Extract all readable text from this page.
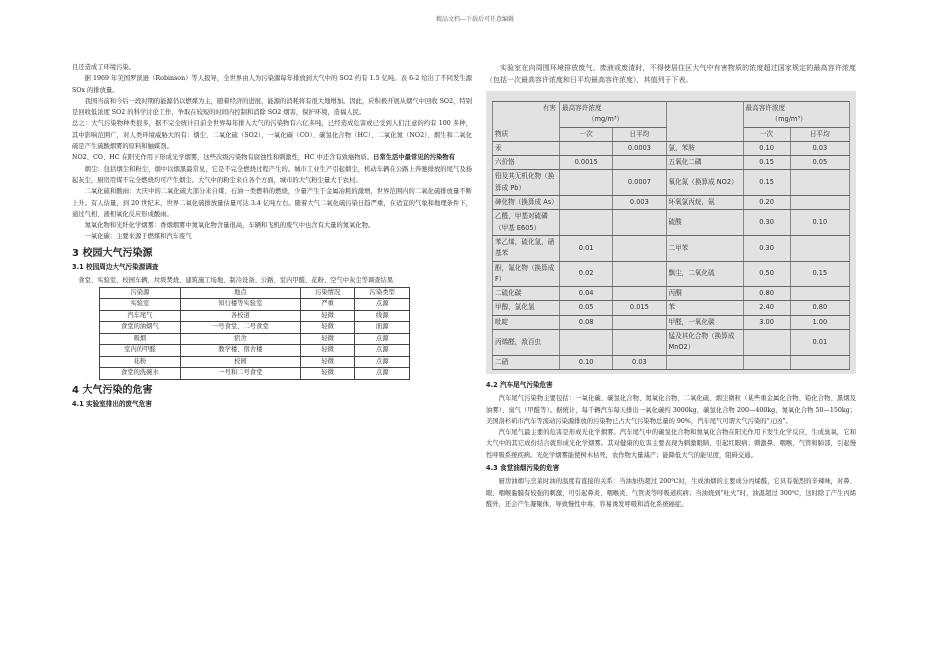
精品文档---下载后可任意编辑

且还造成了环境污染。

据 1969 年美国罗滨逊（Robinson）等人报导，全世界由人为污染源每年排放到大气中的 SO2 约有 1.5 亿吨。表 6-2 给出了不同发生源 SOx 的排放量。

我国当前和今后一段时期的能源仍以燃煤为主，随着经济的进展，能源的消耗将有很大地增加。因此，应积极开展从烟气中回收 SO2，特别是回收低浓度 SO2 的科学讨论工作，争取在较短的时间内控制和消除 SO2 烟害，保护环境，造福人民。

总之：大气污染物种类很多，据不完全统计目前全世界每年排入大气的污染物有六亿多吨，已经造成危害或已受到人们注意的约有 100 多种，其中影响范围广，对人类环境威胁大的有：烟尘、二氧化硫（SO2）、一氧化碳（CO）、碳氢化合物（HC）、二氧化氮（NO2）、烟生和二氧化硫是产生硫酸烟雾的原料和触媒剂。
NO2、CO、HC 在阳光作用下形成光学烟雾，这些次级污染物有腐蚀性和刺激性，HC 中还含有致癌物质。日常生活中最常见的污染物有

烟尘：包括烟尘和粉尘，烟中以烟黑最常见，它是不完全燃烧过程产生的。城市工业生产引起烟尘，机动车辆在公路上奔驰排放的尾气及扬起灰尘，厨房用煤不完全燃烧均可产生烟尘。大气中的粉尘来自各个方面，城市的大气粉尘量大于农村。

二氧化硫和酸雨：大庆中的二氧化硫大部分来自煤、石油一类燃料的燃烧，少量产生于金属冶耗的激增，世界范围内的二氧化硫排放量不断上升。有人估量，到 20 世纪末，世界二氧化硫排放量估量可达 3.4 亿吨左右。随着大气二氧化硫污染日趋严重，在适宜的气象和地理条件下，通过气相、液相氧化反应形成酸雨。

氮氧化物和光纤化学烟雾：香烟烟雾中氮氧化物含量很高，车辆和飞机的废气中也含有大量的氮氧化物。

一氧化碳：主要来源于燃煤和汽车废气

3 校园大气污染源
3.1 校园周边大气污染源调查

食堂、实验室、校园车辆，垃圾焚烧、建筑施工场地、制冷设备、公路、室内甲醛、花粉、空气中灰尘等调查结果

污染源	地点	污染情况	污染类型
实验室	知行楼等实验室	严重	点源
汽车尾气	各校道	轻微	线源
食堂的油烟气	一号食堂、二号食堂	轻微	面源
吸烟	宿舍	轻微	点源
室内的甲醛	教学楼、宿舍楼	轻微	点源
花粉	校园	轻微	点源
食堂的洗碗水	一号和二号食堂	轻微	点源
4 大气污染的危害
4.1 实验室排出的废气危害

实验室在向周围环境排放废气、废液或废渣时，不得使居住区大气中有害物质的浓度超过国家规定的最高容许浓度（包括一次最高容许浓度和日平均最高容许浓度），其值列于下表。

有害
物质	最高容许浓度
（mg/m³）			最高容许浓度
（mg/m³）	
	一次	日平均		一次	日平均
汞		0.0003	氯，苯胺	0.10	0.03
六价铬	0.0015		五氧化二磷	0.15	0.05
铅及其无机化物（换算成 Pb）		0.0007	氧化氮（换算成 NO2）	0.15	
砷化物（换算成 As）		0.003	环氧氯丙烷，氨	0.20	
乙醛，甲基对硫磷（甲基 E605）			硫酸	0.30	0.10
苯乙烯，硫化氢，硝基苯	0.01		二甲苯	0.30	
酚，氟化物（换算成 F）	0.02		飘尘，二氧化硫	0.50	0.15
二硫化碳	0.04		丙酮	0.80	
甲醇，氯化氢	0.05	0.015	苯	2.40	0.80
吡啶	0.08		甲醛，一氧化碳	3.00	1.00
丙烯醛，敌百虫			锰及其化合物（换算成 MnO2）		0.01
二硝	0.10	0.03			
4.2 汽车尾气污染危害

汽车尾气污染物主要包括：一氧化碳、碳氢化合物、氮氧化合物、二氧化硫、烟尘微粒（某些重金属化合物、铅化合物、黑烟及油雾）、臭气（甲醛等）。据统计，每千辆汽车每天排出一氧化碳约 3000kg，碳氢化合物 200—400kg，氮氧化合物 50—150kg；美国洛杉矶市汽车等流动污染源排放的污染物已占大气污染物总量的 90%，汽车尾气可谓大气污染的“元凶”。

汽车尾气最主要的危害是形成光化学烟雾。汽车尾气中的碳氢化合物和氮氧化合物在阳光作用下发生化学反应，生成臭氧，它和大气中的其它成份结合就形成光化学烟雾。其对健康的危害主要表现为刺激眼睛，引起红眼病；刺激鼻、咽喉、气管和肺部，引起慢性呼吸系统疾病。光化学烟雾能使树木枯死，农作物大量减产；能降低大气的能见度，阻碍交通。

4.3 食堂油烟污染的危害

厨房油烟与烹菜时油的温度有直接的关系：当油加热超过 200℃时，生成油烟的主要成分丙烯醛，它具有强烈的辛辣味，对鼻、眼、咽喉黏膜有较强的刺激，可引起鼻炎、咽喉炎、气管炎等呼吸道疾病；当油烧到“吐火”时，油温超过 300℃，这时除了产生丙烯醛外，还会产生凝聚体，导致慢性中毒，容易诱发呼吸和消化系统癌症。
